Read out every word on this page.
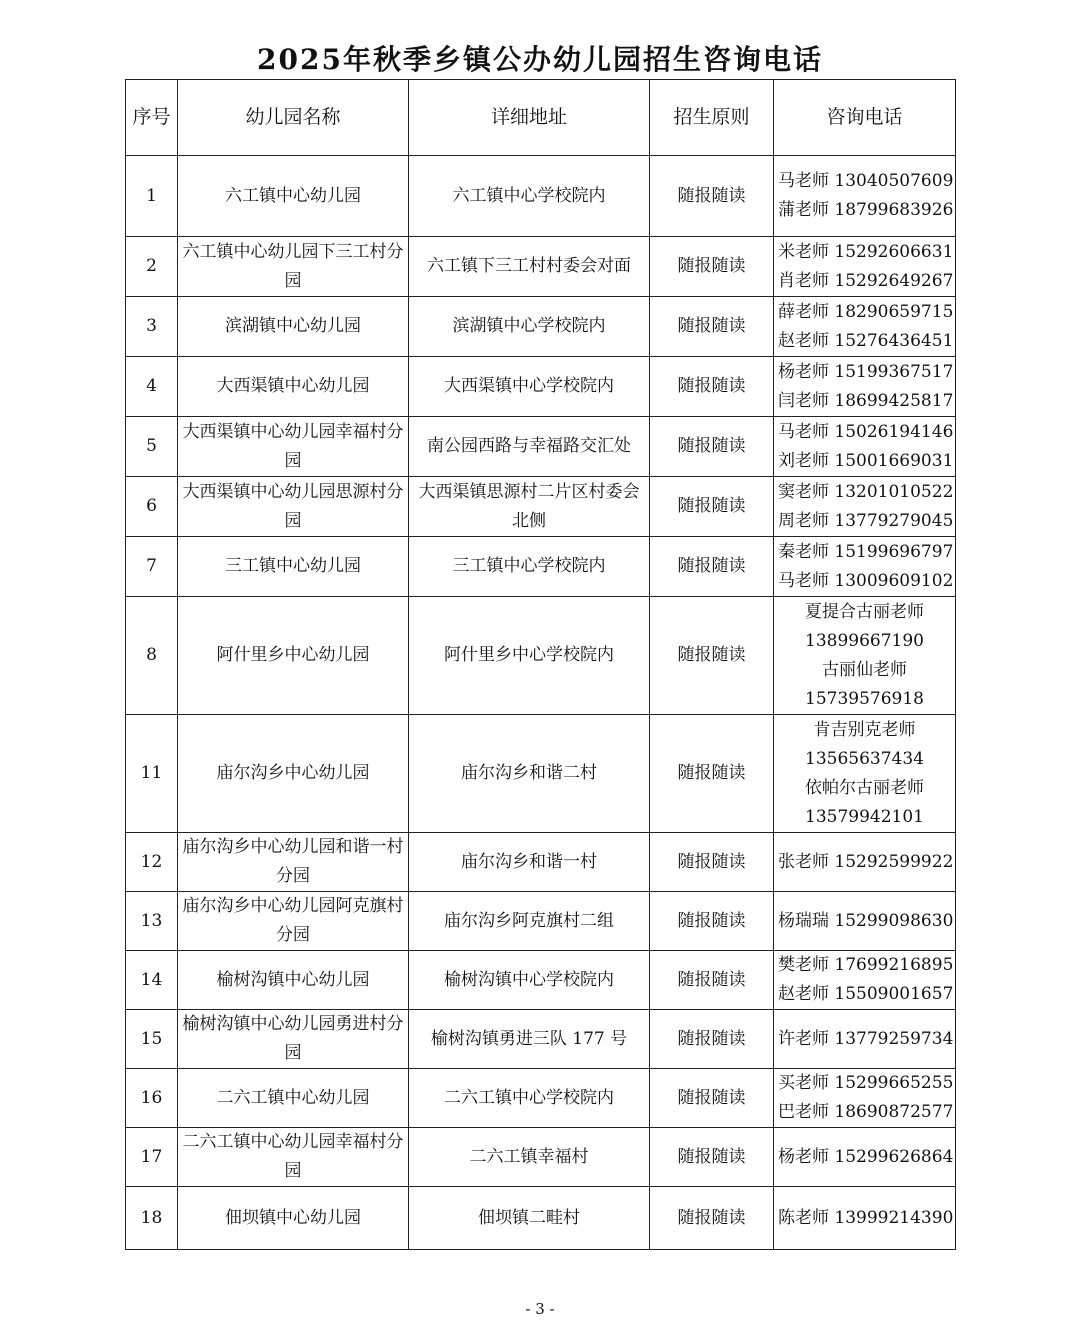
2025年秋季乡镇公办幼儿园招生咨询电话
序号	幼儿园名称	详细地址	招生原则	咨询电话
1	六工镇中心幼儿园	六工镇中心学校院内	随报随读	马老师 13040507609
蒲老师 18799683926

2	六工镇中心幼儿园下三工村分园	六工镇下三工村村委会对面	随报随读	米老师 15292606631
肖老师 15292649267

3	滨湖镇中心幼儿园	滨湖镇中心学校院内	随报随读	薛老师 18290659715
赵老师 15276436451

4	大西渠镇中心幼儿园	大西渠镇中心学校院内	随报随读	杨老师 15199367517
闫老师 18699425817

5	大西渠镇中心幼儿园幸福村分园	南公园西路与幸福路交汇处	随报随读	马老师 15026194146
刘老师 15001669031

6	大西渠镇中心幼儿园思源村分园	大西渠镇思源村二片区村委会北侧	随报随读	窦老师 13201010522
周老师 13779279045

7	三工镇中心幼儿园	三工镇中心学校院内	随报随读	秦老师 15199696797
马老师 13009609102

8	阿什里乡中心幼儿园	阿什里乡中心学校院内	随报随读	夏提合古丽老师
13899667190
古丽仙老师
15739576918

11	庙尔沟乡中心幼儿园	庙尔沟乡和谐二村	随报随读	肯吉别克老师
13565637434
依帕尔古丽老师
13579942101

12	庙尔沟乡中心幼儿园和谐一村分园	庙尔沟乡和谐一村	随报随读	张老师 15292599922

13	庙尔沟乡中心幼儿园阿克旗村分园	庙尔沟乡阿克旗村二组	随报随读	杨瑞瑞 15299098630

14	榆树沟镇中心幼儿园	榆树沟镇中心学校院内	随报随读	樊老师 17699216895
赵老师 15509001657

15	榆树沟镇中心幼儿园勇进村分园	榆树沟镇勇进三队 177 号	随报随读	许老师 13779259734

16	二六工镇中心幼儿园	二六工镇中心学校院内	随报随读	买老师 15299665255
巴老师 18690872577

17	二六工镇中心幼儿园幸福村分园	二六工镇幸福村	随报随读	杨老师 15299626864

18	佃坝镇中心幼儿园	佃坝镇二畦村	随报随读	陈老师 13999214390
- 3 -
